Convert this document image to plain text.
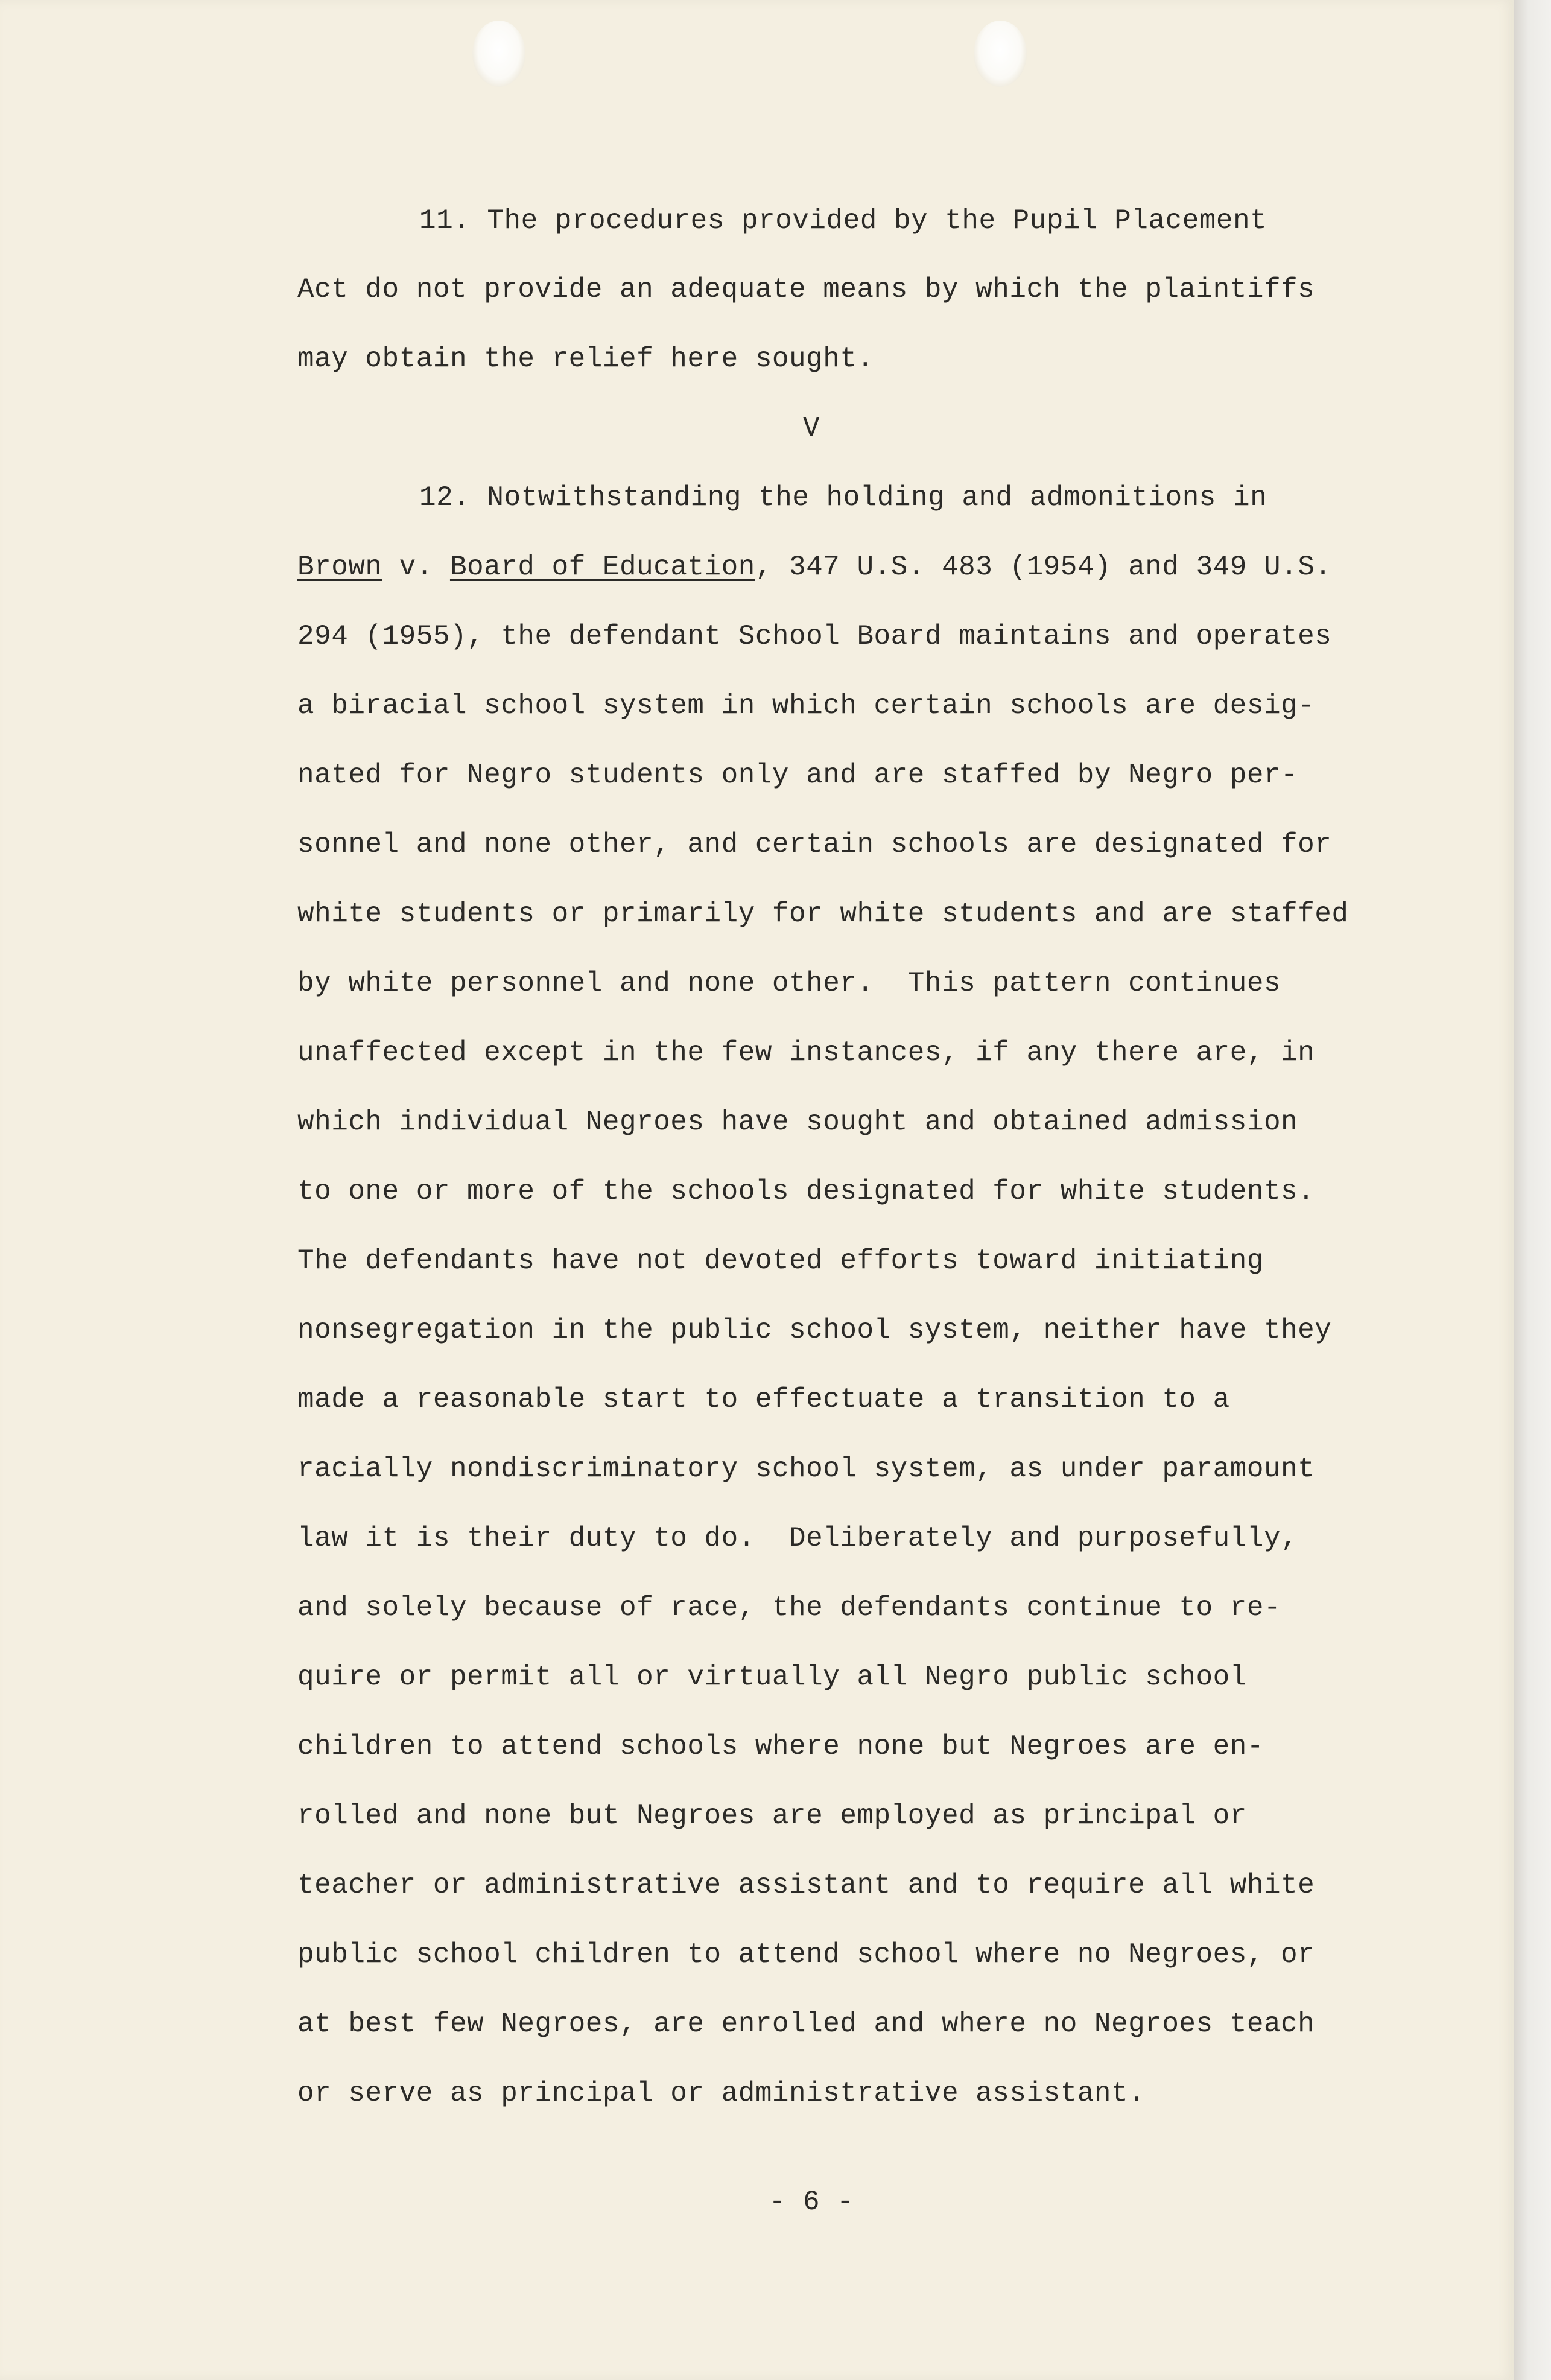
11. The procedures provided by the Pupil Placement
Act do not provide an adequate means by which the plaintiffs
may obtain the relief here sought.
V
12. Notwithstanding the holding and admonitions in
Brown v. Board of Education, 347 U.S. 483 (1954) and 349 U.S.
294 (1955), the defendant School Board maintains and operates
a biracial school system in which certain schools are desig-
nated for Negro students only and are staffed by Negro per-
sonnel and none other, and certain schools are designated for
white students or primarily for white students and are staffed
by white personnel and none other.  This pattern continues
unaffected except in the few instances, if any there are, in
which individual Negroes have sought and obtained admission
to one or more of the schools designated for white students.
The defendants have not devoted efforts toward initiating
nonsegregation in the public school system, neither have they
made a reasonable start to effectuate a transition to a
racially nondiscriminatory school system, as under paramount
law it is their duty to do.  Deliberately and purposefully,
and solely because of race, the defendants continue to re-
quire or permit all or virtually all Negro public school
children to attend schools where none but Negroes are en-
rolled and none but Negroes are employed as principal or
teacher or administrative assistant and to require all white
public school children to attend school where no Negroes, or
at best few Negroes, are enrolled and where no Negroes teach
or serve as principal or administrative assistant.
- 6 -
